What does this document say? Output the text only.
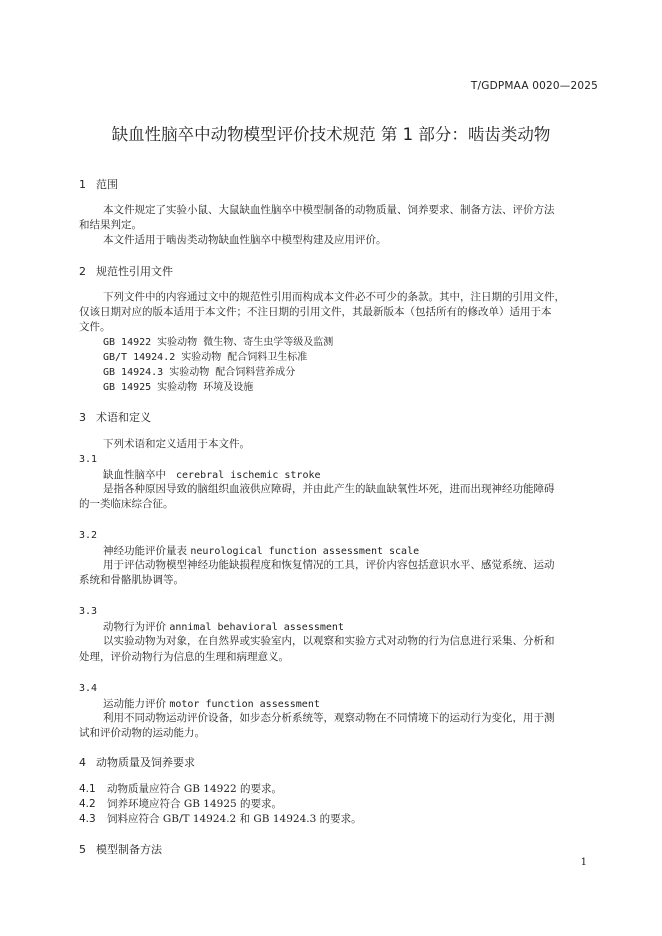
T/GDPMAA 0020—2025
缺血性脑卒中动物模型评价技术规范 第 1 部分：啮齿类动物
1 范围
本文件规定了实验小鼠、大鼠缺血性脑卒中模型制备的动物质量、饲养要求、制备方法、评价方法
和结果判定。
本文件适用于啮齿类动物缺血性脑卒中模型构建及应用评价。
2 规范性引用文件
下列文件中的内容通过文中的规范性引用而构成本文件必不可少的条款。其中，注日期的引用文件，
仅该日期对应的版本适用于本文件；不注日期的引用文件，其最新版本（包括所有的修改单）适用于本
文件。
GB 14922 实验动物 微生物、寄生虫学等级及监测
GB/T 14924.2 实验动物 配合饲料卫生标准
GB 14924.3 实验动物 配合饲料营养成分
GB 14925 实验动物 环境及设施
3 术语和定义
下列术语和定义适用于本文件。
3.1
缺血性脑卒中 cerebral ischemic stroke
是指各种原因导致的脑组织血液供应障碍，并由此产生的缺血缺氧性坏死，进而出现神经功能障碍
的一类临床综合征。
3.2
神经功能评价量表 neurological function assessment scale
用于评估动物模型神经功能缺损程度和恢复情况的工具，评价内容包括意识水平、感觉系统、运动
系统和骨骼肌协调等。
3.3
动物行为评价 annimal behavioral assessment
以实验动物为对象，在自然界或实验室内，以观察和实验方式对动物的行为信息进行采集、分析和
处理，评价动物行为信息的生理和病理意义。
3.4
运动能力评价 motor function assessment
利用不同动物运动评价设备，如步态分析系统等，观察动物在不同情境下的运动行为变化，用于测
试和评价动物的运动能力。
4 动物质量及饲养要求
4.1 动物质量应符合 GB 14922 的要求。
4.2 饲养环境应符合 GB 14925 的要求。
4.3 饲料应符合 GB/T 14924.2 和 GB 14924.3 的要求。
5 模型制备方法
1
